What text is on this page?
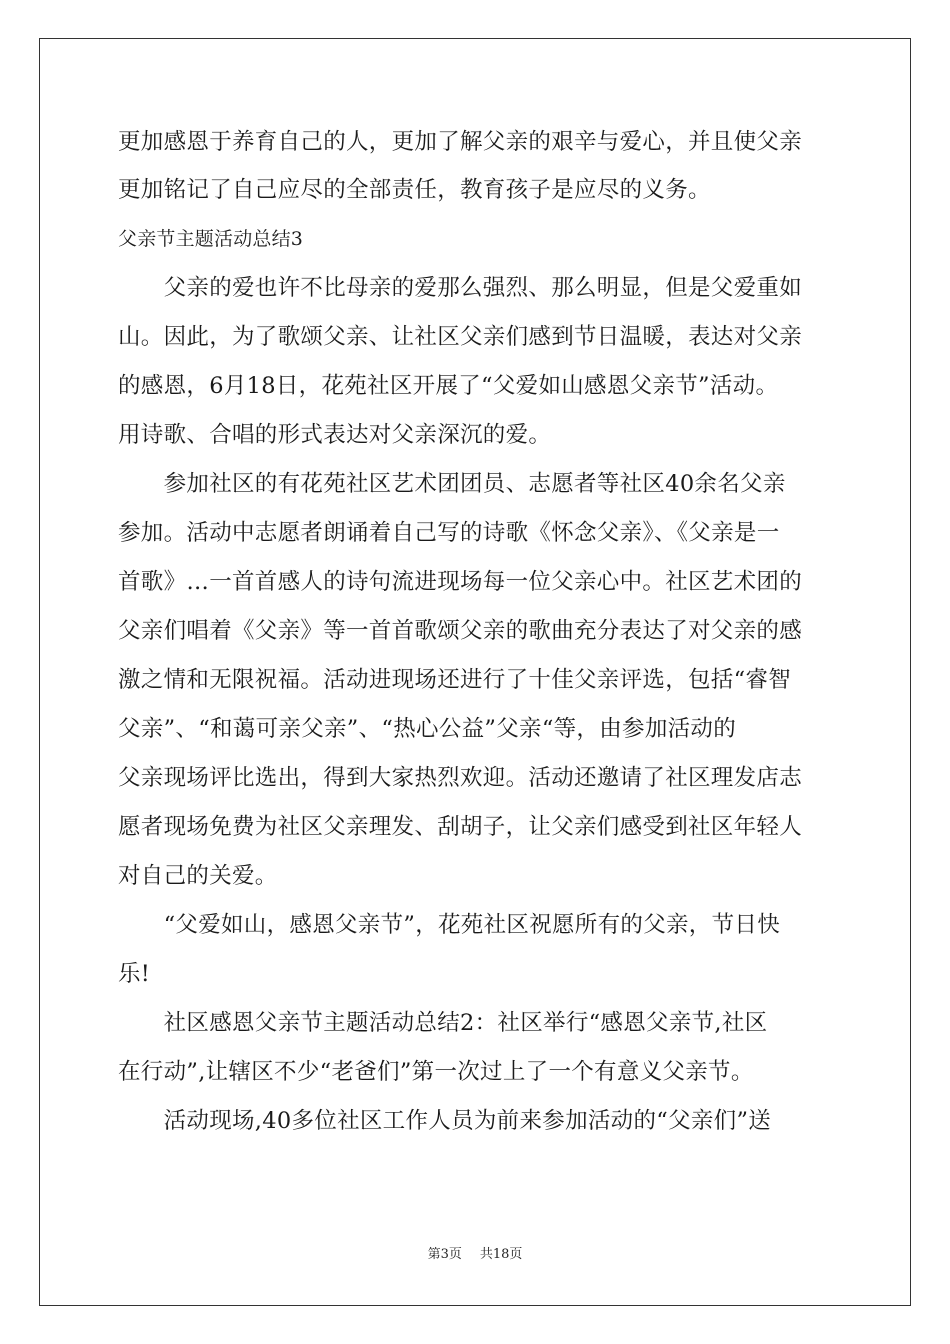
更加感恩于养育自己的人，更加了解父亲的艰辛与爱心，并且使父亲
更加铭记了自己应尽的全部责任，教育孩子是应尽的义务。
父亲节主题活动总结3
　　父亲的爱也许不比母亲的爱那么强烈、那么明显，但是父爱重如
山。因此，为了歌颂父亲、让社区父亲们感到节日温暖，表达对父亲
的感恩，6月18日，花苑社区开展了“父爱如山感恩父亲节”活动。
用诗歌、合唱的形式表达对父亲深沉的爱。
　　参加社区的有花苑社区艺术团团员、志愿者等社区40余名父亲
参加。活动中志愿者朗诵着自己写的诗歌《怀念父亲》、《父亲是一
首歌》…一首首感人的诗句流进现场每一位父亲心中。社区艺术团的
父亲们唱着《父亲》等一首首歌颂父亲的歌曲充分表达了对父亲的感
激之情和无限祝福。活动进现场还进行了十佳父亲评选，包括“睿智
父亲”、“和蔼可亲父亲”、“热心公益”父亲“等，由参加活动的
父亲现场评比选出，得到大家热烈欢迎。活动还邀请了社区理发店志
愿者现场免费为社区父亲理发、刮胡子，让父亲们感受到社区年轻人
对自己的关爱。
　　“父爱如山，感恩父亲节”，花苑社区祝愿所有的父亲，节日快
乐!
　　社区感恩父亲节主题活动总结2：社区举行“感恩父亲节,社区
在行动”,让辖区不少“老爸们”第一次过上了一个有意义父亲节。
　　活动现场,40多位社区工作人员为前来参加活动的“父亲们”送
第3页 共18页
